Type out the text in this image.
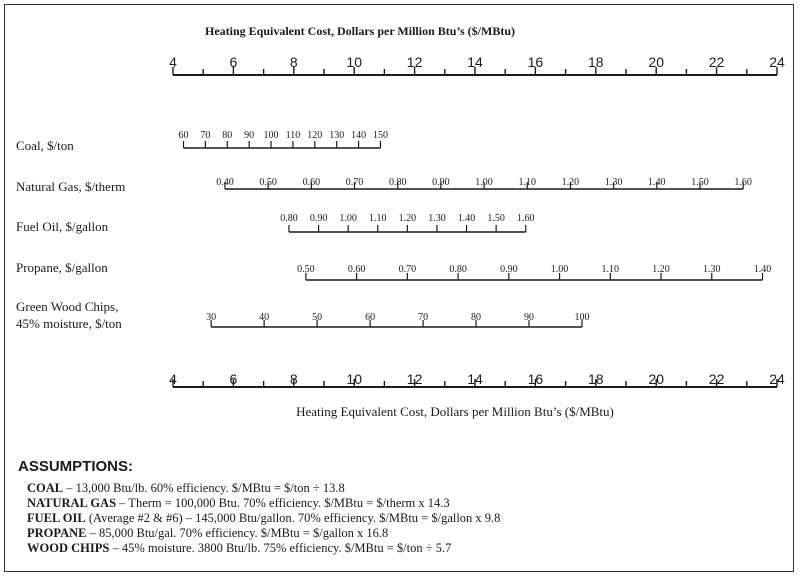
Heating Equivalent Cost, Dollars per Million Btu’s ($/MBtu)
4	6	8	10	12	14	16	18	20	22	24
4	6	8	10	12	14	16	18	20	22	24
60 70 80 90 100 110 120 130 140 150
0.40	0.50	0.60	0.70	0.80	0.90	1.00	1.10	1.20	1.30	1.40	1.50	1.60
0.80 0.90 1.00 1.10 1.20 1.30 1.40 1.50 1.60
0.50	0.60	0.70	0.80	0.90	1.00	1.10	1.20	1.30	1.40
30	40	50	60	70	80	90	100
Coal, $/ton
Natural Gas, $/therm
Fuel Oil, $/gallon
Propane, $/gallon
Green Wood Chips,
45% moisture, $/ton
Heating Equivalent Cost, Dollars per Million Btu’s ($/MBtu)
ASSUMPTIONS:
COAL – 13,000 Btu/lb. 60% efficiency. $/MBtu = $/ton ÷ 13.8
NATURAL GAS – Therm = 100,000 Btu. 70% efficiency. $/MBtu = $/therm x 14.3
FUEL OIL (Average #2 & #6) – 145,000 Btu/gallon. 70% efficiency. $/MBtu = $/gallon x 9.8
PROPANE – 85,000 Btu/gal. 70% efficiency. $/MBtu = $/gallon x 16.8
WOOD CHIPS – 45% moisture. 3800 Btu/lb. 75% efficiency. $/MBtu = $/ton ÷ 5.7
